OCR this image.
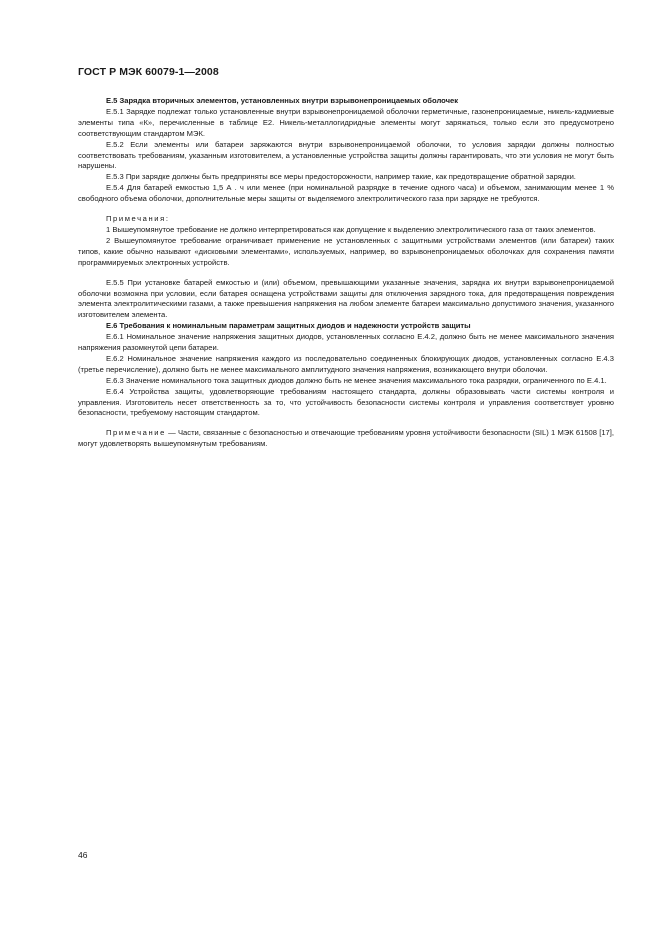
ГОСТ Р МЭК 60079-1—2008

Е.5 Зарядка вторичных элементов, установленных внутри взрывонепроницаемых оболочек

Е.5.1 Зарядке подлежат только установленные внутри взрывонепроницаемой оболочки герметичные, газонепроницаемые, никель-кадмиевые элементы типа «К», перечисленные в таблице Е2. Никель-металлогидридные элементы могут заряжаться, только если это предусмотрено соответствующим стандартом МЭК.

Е.5.2 Если элементы или батареи заряжаются внутри взрывонепроницаемой оболочки, то условия зарядки должны полностью соответствовать требованиям, указанным изготовителем, а установленные устройства защиты должны гарантировать, что эти условия не могут быть нарушены.

Е.5.3 При зарядке должны быть предприняты все меры предосторожности, например такие, как предотвращение обратной зарядки.

Е.5.4 Для батарей емкостью 1,5 А . ч или менее (при номинальной разрядке в течение одного часа) и объемом, занимающим менее 1 % свободного объема оболочки, дополнительные меры защиты от выделяемого электролитического газа при зарядке не требуются.

Примечания:

1 Вышеупомянутое требование не должно интерпретироваться как допущение к выделению электролитического газа от таких элементов.

2 Вышеупомянутое требование ограничивает применение не установленных с защитными устройствами элементов (или батареи) таких типов, какие обычно называют «дисковыми элементами», используемых, например, во взрывонепроницаемых оболочках для сохранения памяти программируемых электронных устройств.

Е.5.5 При установке батарей емкостью и (или) объемом, превышающими указанные значения, зарядка их внутри взрывонепроницаемой оболочки возможна при условии, если батарея оснащена устройствами защиты для отключения зарядного тока, для предотвращения повреждения элемента электролитическими газами, а также превышения напряжения на любом элементе батареи максимально допустимого значения, указанного изготовителем элемента.

Е.6 Требования к номинальным параметрам защитных диодов и надежности устройств защиты

Е.6.1 Номинальное значение напряжения защитных диодов, установленных согласно Е.4.2, должно быть не менее максимального значения напряжения разомкнутой цепи батареи.

Е.6.2 Номинальное значение напряжения каждого из последовательно соединенных блокирующих диодов, установленных согласно Е.4.3 (третье перечисление), должно быть не менее максимального амплитудного значения напряжения, возникающего внутри оболочки.

Е.6.3 Значение номинального тока защитных диодов должно быть не менее значения максимального тока разрядки, ограниченного по Е.4.1.

Е.6.4 Устройства защиты, удовлетворяющие требованиям настоящего стандарта, должны образовывать части системы контроля и управления. Изготовитель несет ответственность за то, что устойчивость безопасности системы контроля и управления соответствует уровню безопасности, требуемому настоящим стандартом.

Примечание — Части, связанные с безопасностью и отвечающие требованиям уровня устойчивости безопасности (SIL) 1 МЭК 61508 [17], могут удовлетворять вышеупомянутым требованиям.

46
